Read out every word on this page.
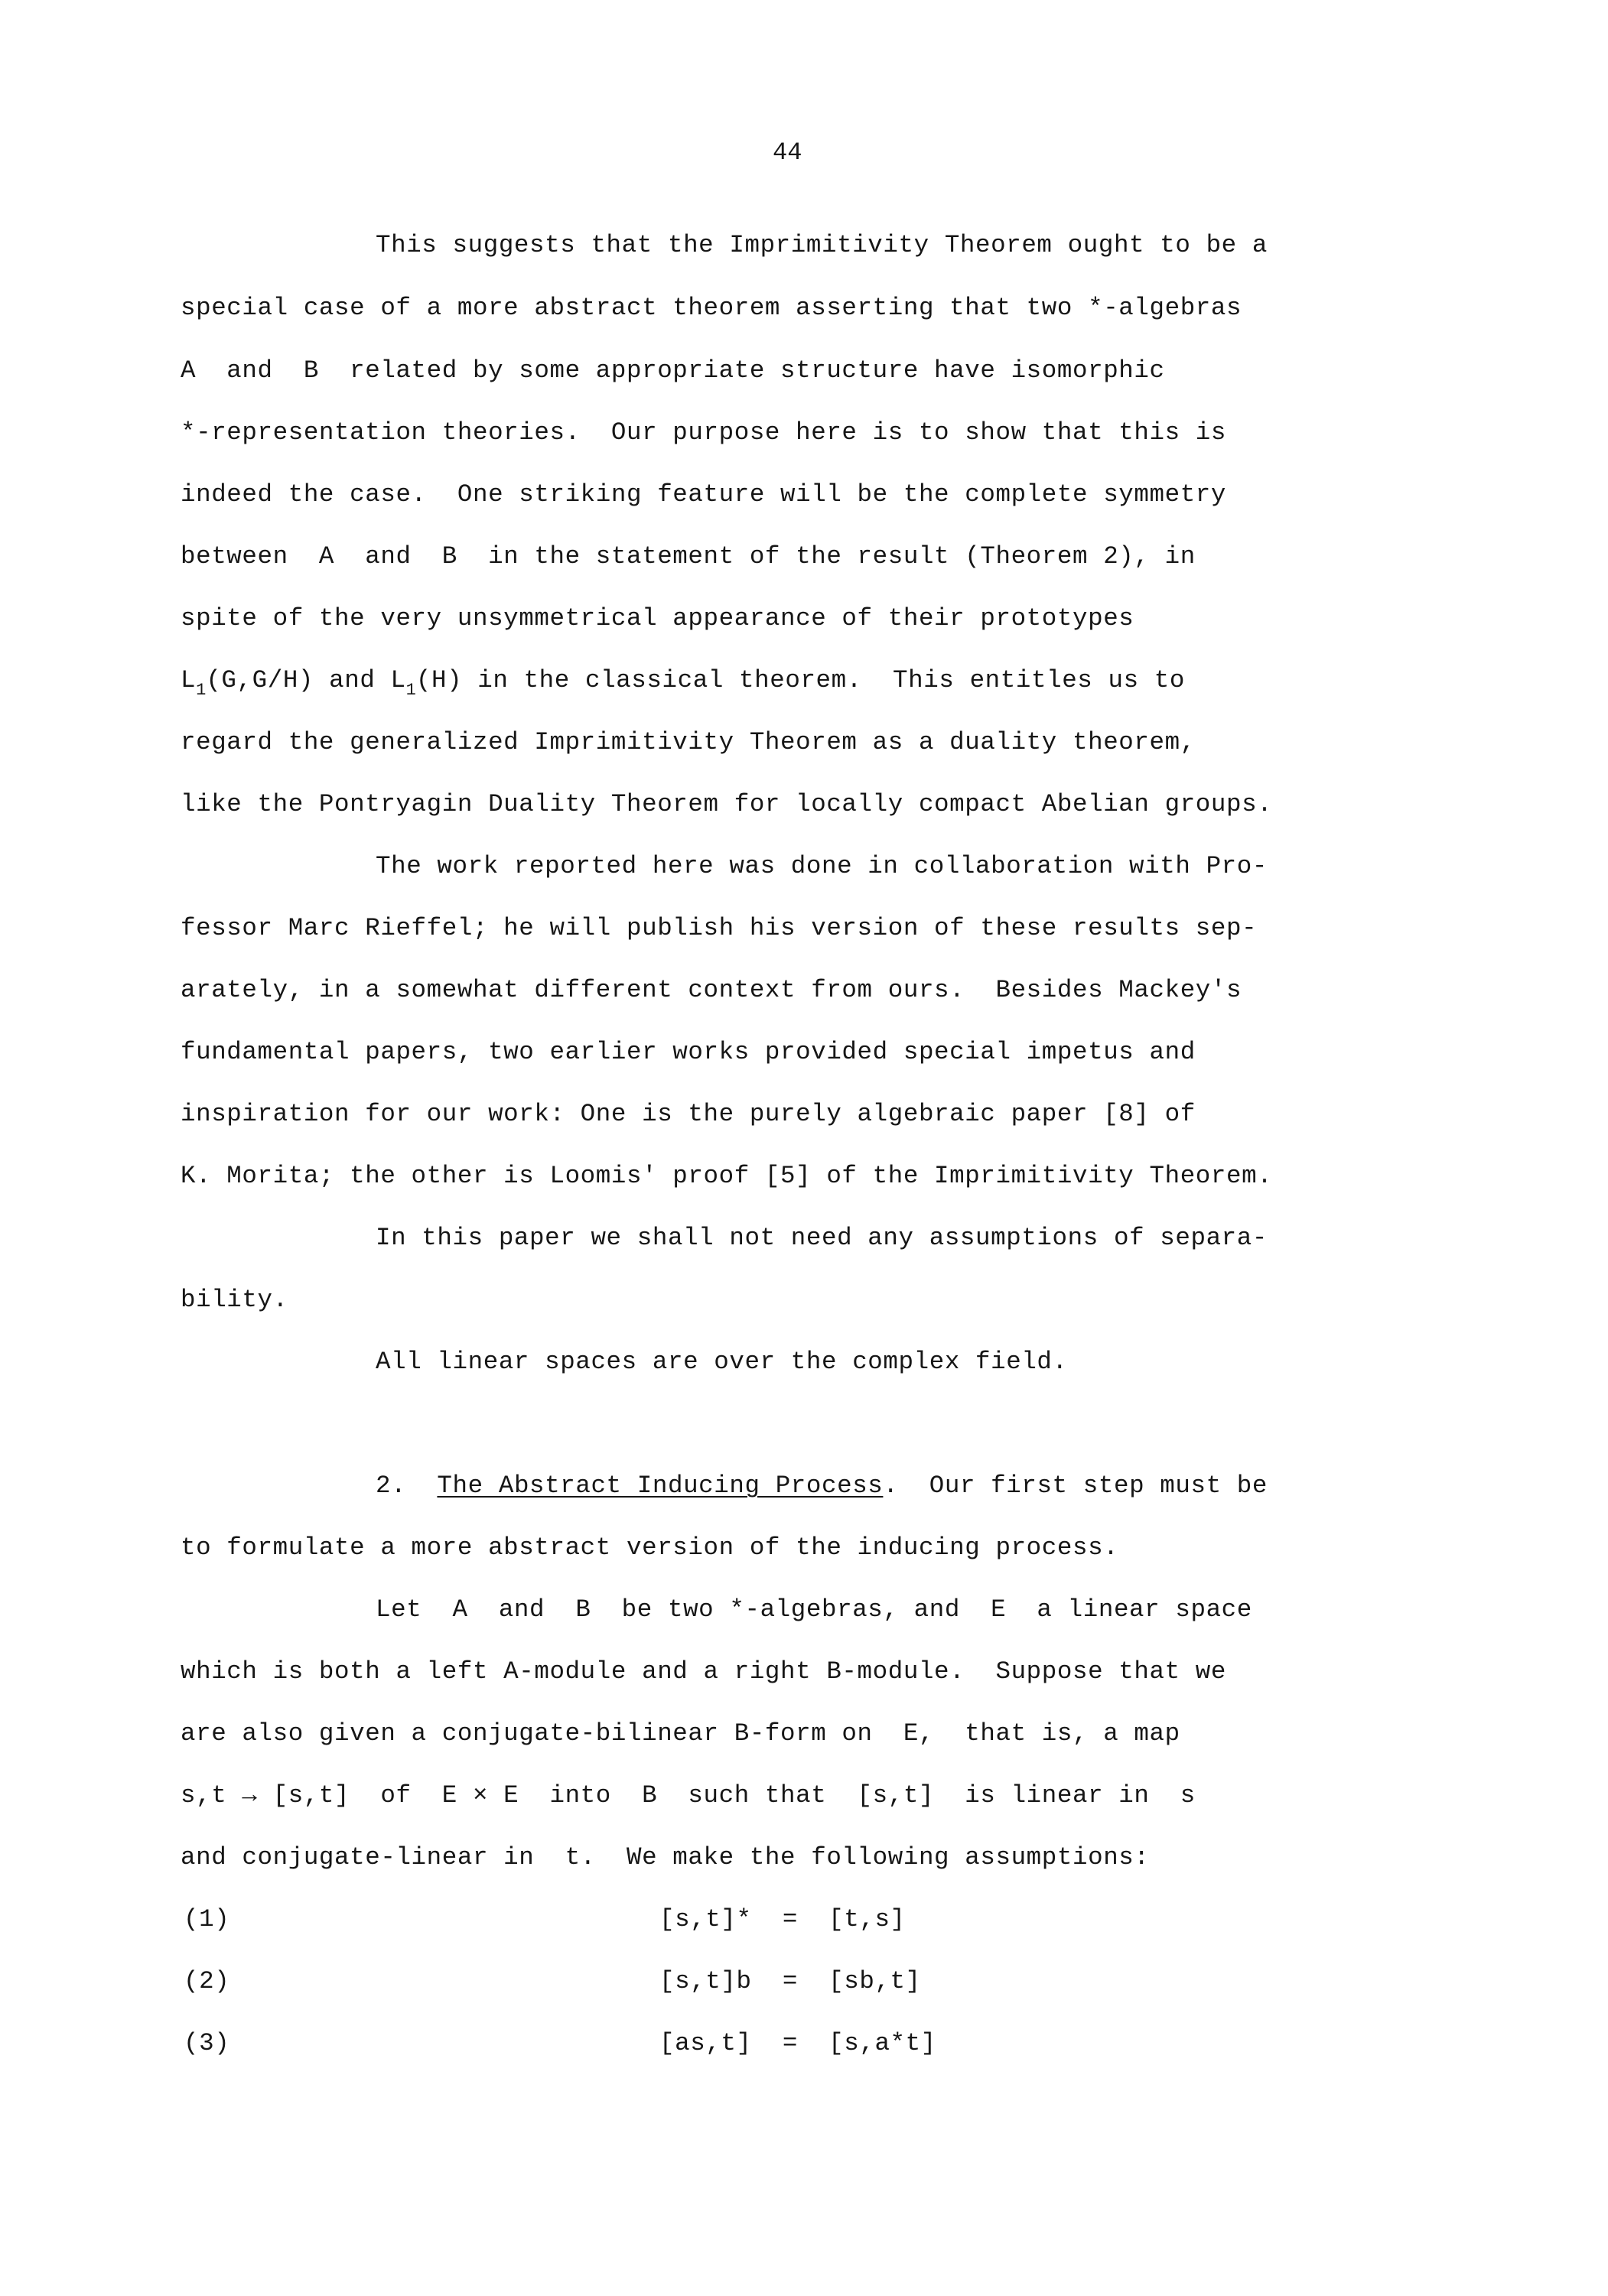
44

This suggests that the Imprimitivity Theorem ought to be a

special case of a more abstract theorem asserting that two *-algebras

A  and  B  related by some appropriate structure have isomorphic

*-representation theories.  Our purpose here is to show that this is

indeed the case.  One striking feature will be the complete symmetry

between  A  and  B  in the statement of the result (Theorem 2), in

spite of the very unsymmetrical appearance of their prototypes

$L_1(G,G/H)$ and $L_1(H)$ in the classical theorem.  This entitles us to

regard the generalized Imprimitivity Theorem as a duality theorem,

like the Pontryagin Duality Theorem for locally compact Abelian groups.

The work reported here was done in collaboration with Pro-

fessor Marc Rieffel; he will publish his version of these results sep-

arately, in a somewhat different context from ours.  Besides Mackey's

fundamental papers, two earlier works provided special impetus and

inspiration for our work: One is the purely algebraic paper [8] of

K. Morita; the other is Loomis' proof [5] of the Imprimitivity Theorem.

In this paper we shall not need any assumptions of separa-

bility.

All linear spaces are over the complex field.

2.  The Abstract Inducing Process.  Our first step must be

to formulate a more abstract version of the inducing process.

Let  A  and  B  be two *-algebras, and  E  a linear space

which is both a left A-module and a right B-module.  Suppose that we

are also given a conjugate-bilinear B-form on  E,  that is, a map

s,t → [s,t]  of  E × E  into  B  such that  [s,t]  is linear in  s

and conjugate-linear in  t.  We make the following assumptions:

(1)	[s,t]*  =  [t,s]
(2)	[s,t]b  =  [sb,t]
(3)	[as,t]  =  [s,a*t]
